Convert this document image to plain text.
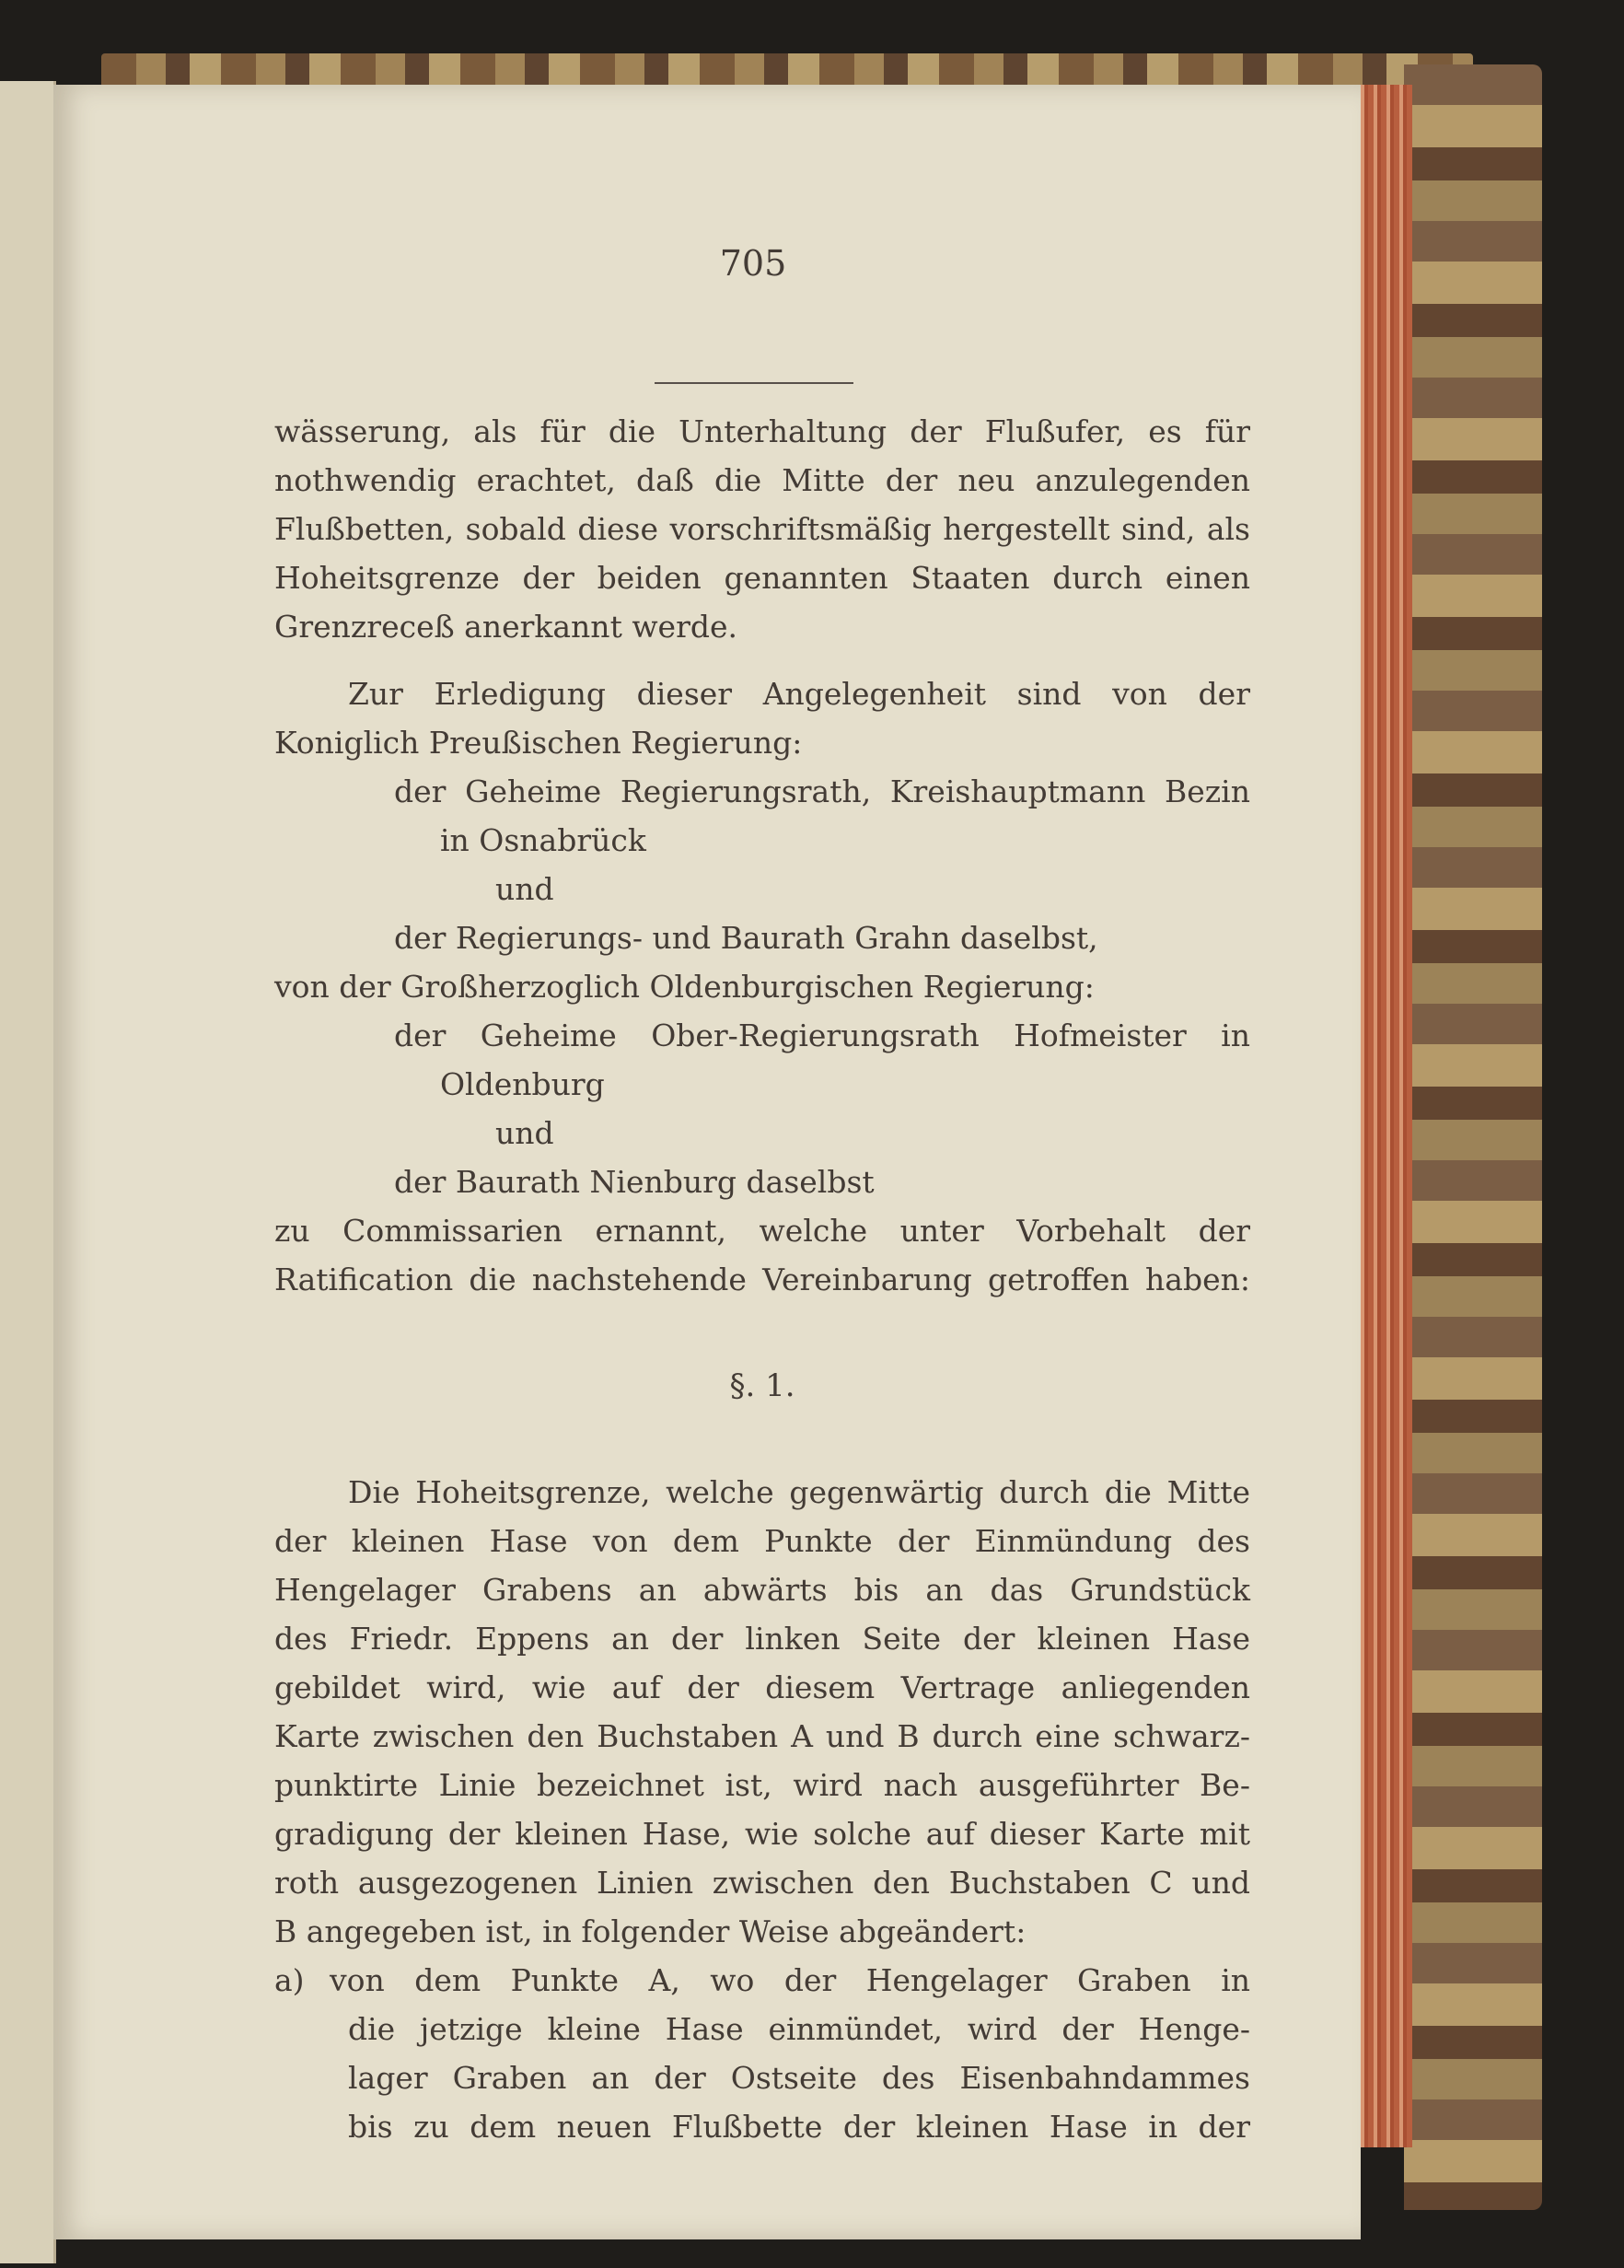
705
wässerung, als für die Unterhaltung der Flußufer, es für
nothwendig erachtet, daß die Mitte der neu anzulegenden
Flußbetten, sobald diese vorschriftsmäßig hergestellt sind, als
Hoheitsgrenze der beiden genannten Staaten durch einen
Grenzreceß anerkannt werde.
Zur Erledigung dieser Angelegenheit sind von der
Koniglich Preußischen Regierung:
der Geheime Regierungsrath, Kreishauptmann Bezin
in Osnabrück
und
der Regierungs- und Baurath Grahn daselbst,
von der Großherzoglich Oldenburgischen Regierung:
der Geheime Ober-Regierungsrath Hofmeister in
Oldenburg
und
der Baurath Nienburg daselbst
zu Commissarien ernannt, welche unter Vorbehalt der
Ratification die nachstehende Vereinbarung getroffen haben:
§. 1.
Die Hoheitsgrenze, welche gegenwärtig durch die Mitte
der kleinen Hase von dem Punkte der Einmündung des
Hengelager Grabens an abwärts bis an das Grundstück
des Friedr. Eppens an der linken Seite der kleinen Hase
gebildet wird, wie auf der diesem Vertrage anliegenden
Karte zwischen den Buchstaben A und B durch eine schwarz-
punktirte Linie bezeichnet ist, wird nach ausgeführter Be-
gradigung der kleinen Hase, wie solche auf dieser Karte mit
roth ausgezogenen Linien zwischen den Buchstaben C und
B angegeben ist, in folgender Weise abgeändert:
a) von dem Punkte A, wo der Hengelager Graben in
die jetzige kleine Hase einmündet, wird der Henge-
lager Graben an der Ostseite des Eisenbahndammes
bis zu dem neuen Flußbette der kleinen Hase in der
